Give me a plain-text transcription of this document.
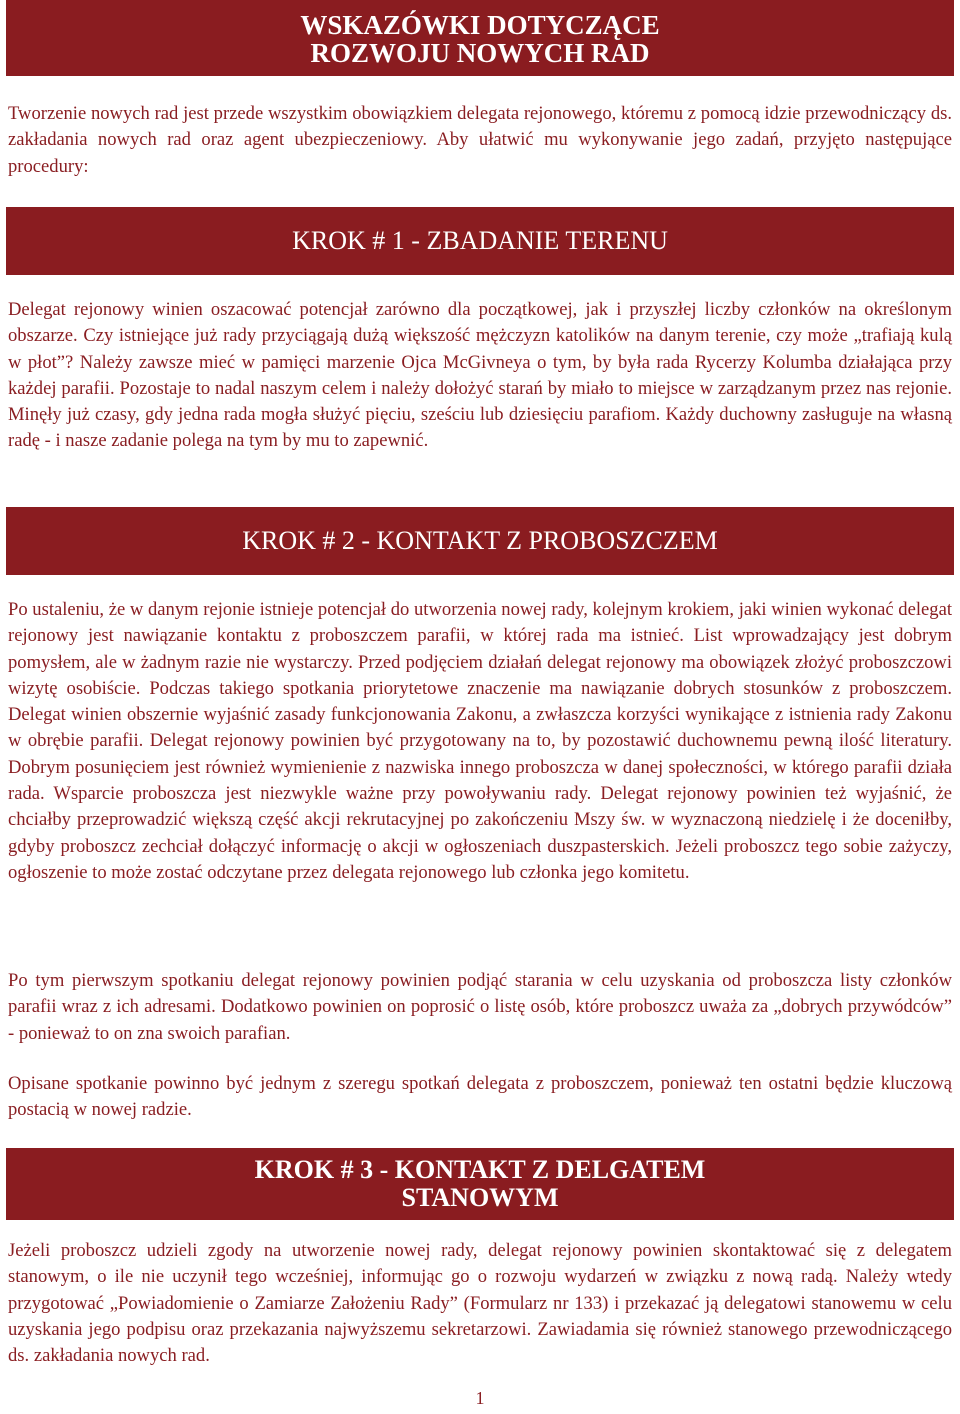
WSKAZÓWKI DOTYCZĄCE
ROZWOJU NOWYCH RAD

Tworzenie nowych rad jest przede wszystkim obowiązkiem delegata rejonowego, któremu z pomocą idzie przewodniczący ds. zakładania nowych rad oraz agent ubezpieczeniowy. Aby ułatwić mu wykonywanie jego zadań, przyjęto następujące procedury:

KROK # 1 - ZBADANIE TERENU

Delegat rejonowy winien oszacować potencjał zarówno dla początkowej, jak i przyszłej liczby członków na określonym obszarze. Czy istniejące już rady przyciągają dużą większość mężczyzn katolików na danym terenie, czy może „trafiają kulą w płot”? Należy zawsze mieć w pamięci marzenie Ojca McGivneya o tym, by była rada Rycerzy Kolumba działająca przy każdej parafii. Pozostaje to nadal naszym celem i należy dołożyć starań by miało to miejsce w zarządzanym przez nas rejonie. Minęły już czasy, gdy jedna rada mogła służyć pięciu, sześciu lub dziesięciu parafiom. Każdy duchowny zasługuje na własną radę - i nasze zadanie polega na tym by mu to zapewnić.

KROK # 2 - KONTAKT Z PROBOSZCZEM

Po ustaleniu, że w danym rejonie istnieje potencjał do utworzenia nowej rady, kolejnym krokiem, jaki winien wykonać delegat rejonowy jest nawiązanie kontaktu z proboszczem parafii, w której rada ma istnieć. List wprowadzający jest dobrym pomysłem, ale w żadnym razie nie wystarczy. Przed podjęciem działań delegat rejonowy ma obowiązek złożyć proboszczowi wizytę osobiście. Podczas takiego spotkania priorytetowe znaczenie ma nawiązanie dobrych stosunków z proboszczem. Delegat winien obszernie wyjaśnić zasady funkcjonowania Zakonu, a zwłaszcza korzyści wynikające z istnienia rady Zakonu w obrębie parafii. Delegat rejonowy powinien być przygotowany na to, by pozostawić duchownemu pewną ilość literatury. Dobrym posunięciem jest również wymienienie z nazwiska innego proboszcza w danej społeczności, w którego parafii działa rada. Wsparcie proboszcza jest niezwykle ważne przy powoływaniu rady. Delegat rejonowy powinien też wyjaśnić, że chciałby przeprowadzić większą część akcji rekrutacyjnej po zakończeniu Mszy św. w wyznaczoną niedzielę i że doceniłby, gdyby proboszcz zechciał dołączyć informację o akcji w ogłoszeniach duszpasterskich. Jeżeli proboszcz tego sobie zażyczy, ogłoszenie to może zostać odczytane przez delegata rejonowego lub członka jego komitetu.

Po tym pierwszym spotkaniu delegat rejonowy powinien podjąć starania w celu uzyskania od proboszcza listy członków parafii wraz z ich adresami. Dodatkowo powinien on poprosić o listę osób, które proboszcz uważa za „dobrych przywódców” - ponieważ to on zna swoich parafian.

Opisane spotkanie powinno być jednym z szeregu spotkań delegata z proboszczem, ponieważ ten ostatni będzie kluczową postacią w nowej radzie.

KROK # 3 - KONTAKT Z DELGATEM
STANOWYM

Jeżeli proboszcz udzieli zgody na utworzenie nowej rady, delegat rejonowy powinien skontaktować się z delegatem stanowym, o ile nie uczynił tego wcześniej, informując go o rozwoju wydarzeń w związku z nową radą. Należy wtedy przygotować „Powiadomienie o Zamiarze Założeniu Rady” (Formularz nr 133) i przekazać ją delegatowi stanowemu w celu uzyskania jego podpisu oraz przekazania najwyższemu sekretarzowi. Zawiadamia się również stanowego przewodniczącego ds. zakładania nowych rad.

1
